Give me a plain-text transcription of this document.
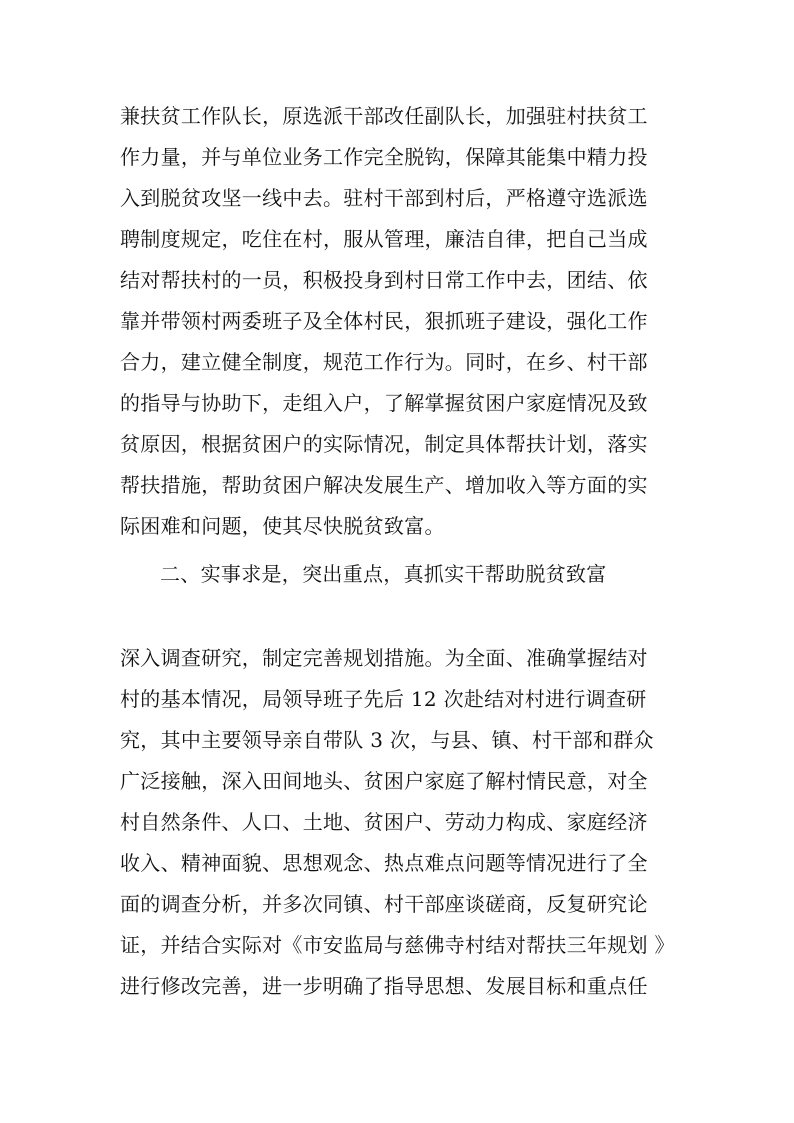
兼扶贫工作队长，原选派干部改任副队长，加强驻村扶贫工
作力量，并与单位业务工作完全脱钩，保障其能集中精力投
入到脱贫攻坚一线中去。驻村干部到村后，严格遵守选派选
聘制度规定，吃住在村，服从管理，廉洁自律，把自己当成
结对帮扶村的一员，积极投身到村日常工作中去，团结、依
靠并带领村两委班子及全体村民，狠抓班子建设，强化工作
合力，建立健全制度，规范工作行为。同时，在乡、村干部
的指导与协助下，走组入户，了解掌握贫困户家庭情况及致
贫原因，根据贫困户的实际情况，制定具体帮扶计划，落实
帮扶措施，帮助贫困户解决发展生产、增加收入等方面的实
际困难和问题，使其尽快脱贫致富。
二、实事求是，突出重点，真抓实干帮助脱贫致富
深入调查研究，制定完善规划措施。为全面、准确掌握结对
村的基本情况，局领导班子先后 12 次赴结对村进行调查研
究，其中主要领导亲自带队 3 次，与县、镇、村干部和群众
广泛接触，深入田间地头、贫困户家庭了解村情民意，对全
村自然条件、人口、土地、贫困户、劳动力构成、家庭经济
收入、精神面貌、思想观念、热点难点问题等情况进行了全
面的调查分析，并多次同镇、村干部座谈磋商，反复研究论
证，并结合实际对《市安监局与慈佛寺村结对帮扶三年规划 》
进行修改完善，进一步明确了指导思想、发展目标和重点任
